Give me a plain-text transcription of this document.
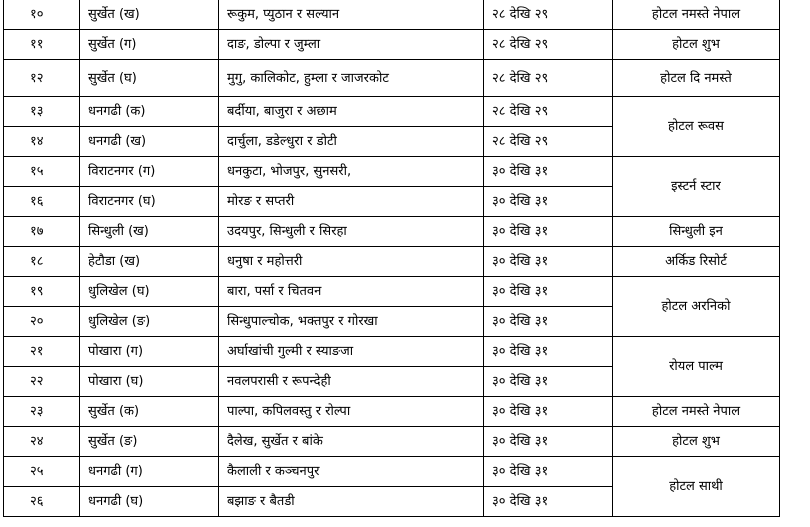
१०	सुर्खेत (ख)	रूकुम, प्युठान र सल्यान	२८ देखि २९	होटल नमस्ते नेपाल
११	सुर्खेत (ग)	दाङ, डोल्पा र जुम्ला	२८ देखि २९	होटल शुभ
१२	सुर्खेत (घ)	मुगु, कालिकोट, हुम्ला र जाजरकोट	२८ देखि २९	होटल दि नमस्ते
१३	धनगढी (क)	बर्दीया, बाजुरा र अछाम	२८ देखि २९	होटल रूवस
१४	धनगढी (ख)	दार्चुला, डडेल्धुरा र डोटी	२८ देखि २९	
१५	विराटनगर (ग)	धनकुटा, भोजपुर, सुनसरी,	३० देखि ३१	इस्टर्न स्टार
१६	विराटनगर (घ)	मोरङ र सप्तरी	३० देखि ३१	
१७	सिन्धुली (ख)	उदयपुर, सिन्धुली र सिरहा	३० देखि ३१	सिन्धुली इन
१८	हेटौडा (ख)	धनुषा र महोत्तरी	३० देखि ३१	अर्किड रिसोर्ट
१९	धुलिखेल (घ)	बारा, पर्सा र चितवन	३० देखि ३१	होटल अरनिको
२०	धुलिखेल (ङ)	सिन्धुपाल्चोक, भक्तपुर र गोरखा	३० देखि ३१	
२१	पोखारा (ग)	अर्घाखांची गुल्मी र स्याङजा	३० देखि ३१	रोयल पाल्म
२२	पोखारा (घ)	नवलपरासी र रूपन्देही	३० देखि ३१	
२३	सुर्खेत (क)	पाल्पा, कपिलवस्तु र रोल्पा	३० देखि ३१	होटल नमस्ते नेपाल
२४	सुर्खेत (ङ)	दैलेख, सुर्खेत र बांके	३० देखि ३१	होटल शुभ
२५	धनगढी (ग)	कैलाली र कञ्चनपुर	३० देखि ३१	होटल साथी
२६	धनगढी (घ)	बझाङ र बैतडी	३० देखि ३१	
